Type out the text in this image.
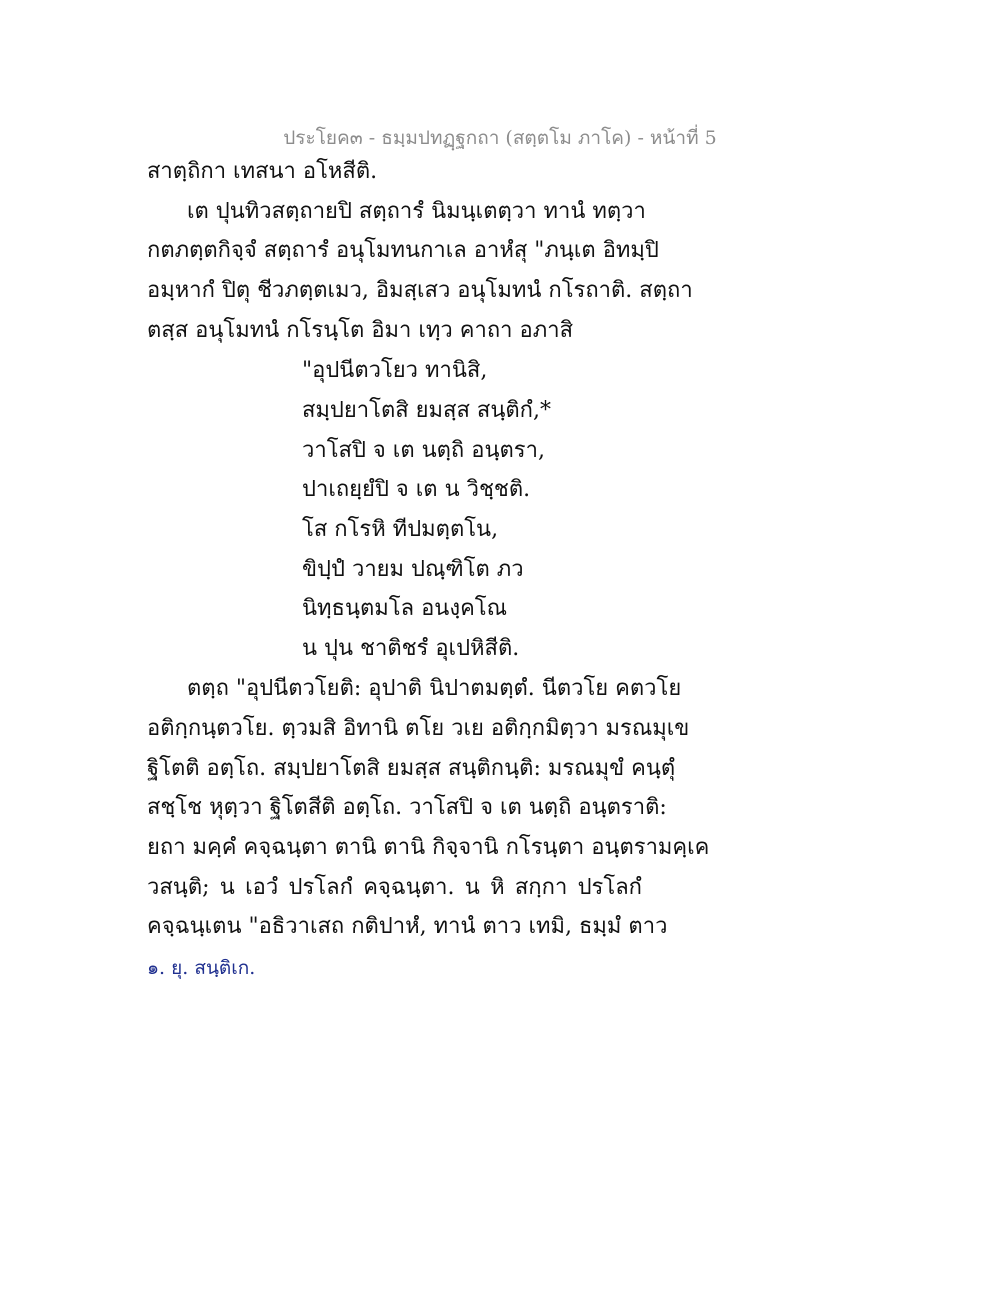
ประโยค๓ - ธมฺมปทฏฺฐกถา (สตฺตโม ภาโค) - หน้าที่ 5
สาตฺถิกา เทสนา อโหสีติ.
เต ปุนทิวสตฺถายปิ สตฺถารํ นิมนฺเตตฺวา ทานํ ทตฺวา
กตภตฺตกิจฺจํ สตฺถารํ อนุโมทนกาเล อาหํสุ "ภนฺเต อิทมฺปิ
อมฺหากํ ปิตุ ชีวภตฺตเมว, อิมสฺเสว อนุโมทนํ กโรถาติ. สตฺถา
ตสฺส อนุโมทนํ กโรนฺโต อิมา เทฺว คาถา อภาสิ
"อุปนีตวโยว ทานิสิ,
สมฺปยาโตสิ ยมสฺส สนฺติกํ,*
วาโสปิ จ เต นตฺถิ อนฺตรา,
ปาเถยฺยํปิ จ เต น วิชฺชติ.
โส กโรหิ ทีปมตฺตโน,
ขิปฺปํ วายม ปณฺฑิโต ภว
นิทฺธนฺตมโล อนงฺคโณ
น ปุน ชาติชรํ อุเปหิสีติ.
ตตฺถ "อุปนีตวโยติ: อุปาติ นิปาตมตฺตํ. นีตวโย คตวโย
อติกฺกนฺตวโย. ตฺวมสิ อิทานิ ตโย วเย อติกฺกมิตฺวา มรณมุเข
ฐิโตติ อตฺโถ. สมฺปยาโตสิ ยมสฺส สนฺติกนฺติ: มรณมุขํ คนฺตุํ
สชฺโช หุตฺวา ฐิโตสีติ อตฺโถ. วาโสปิ จ เต นตฺถิ อนฺตราติ:
ยถา มคฺคํ คจฺฉนฺตา ตานิ ตานิ กิจฺจานิ กโรนฺตา อนฺตรามคฺเค
วสนฺติ; น เอวํ ปรโลกํ คจฺฉนฺตา. น หิ สกฺกา ปรโลกํ
คจฺฉนฺเตน "อธิวาเสถ กติปาหํ, ทานํ ตาว เทมิ, ธมฺมํ ตาว
๑. ยุ. สนฺติเก.
